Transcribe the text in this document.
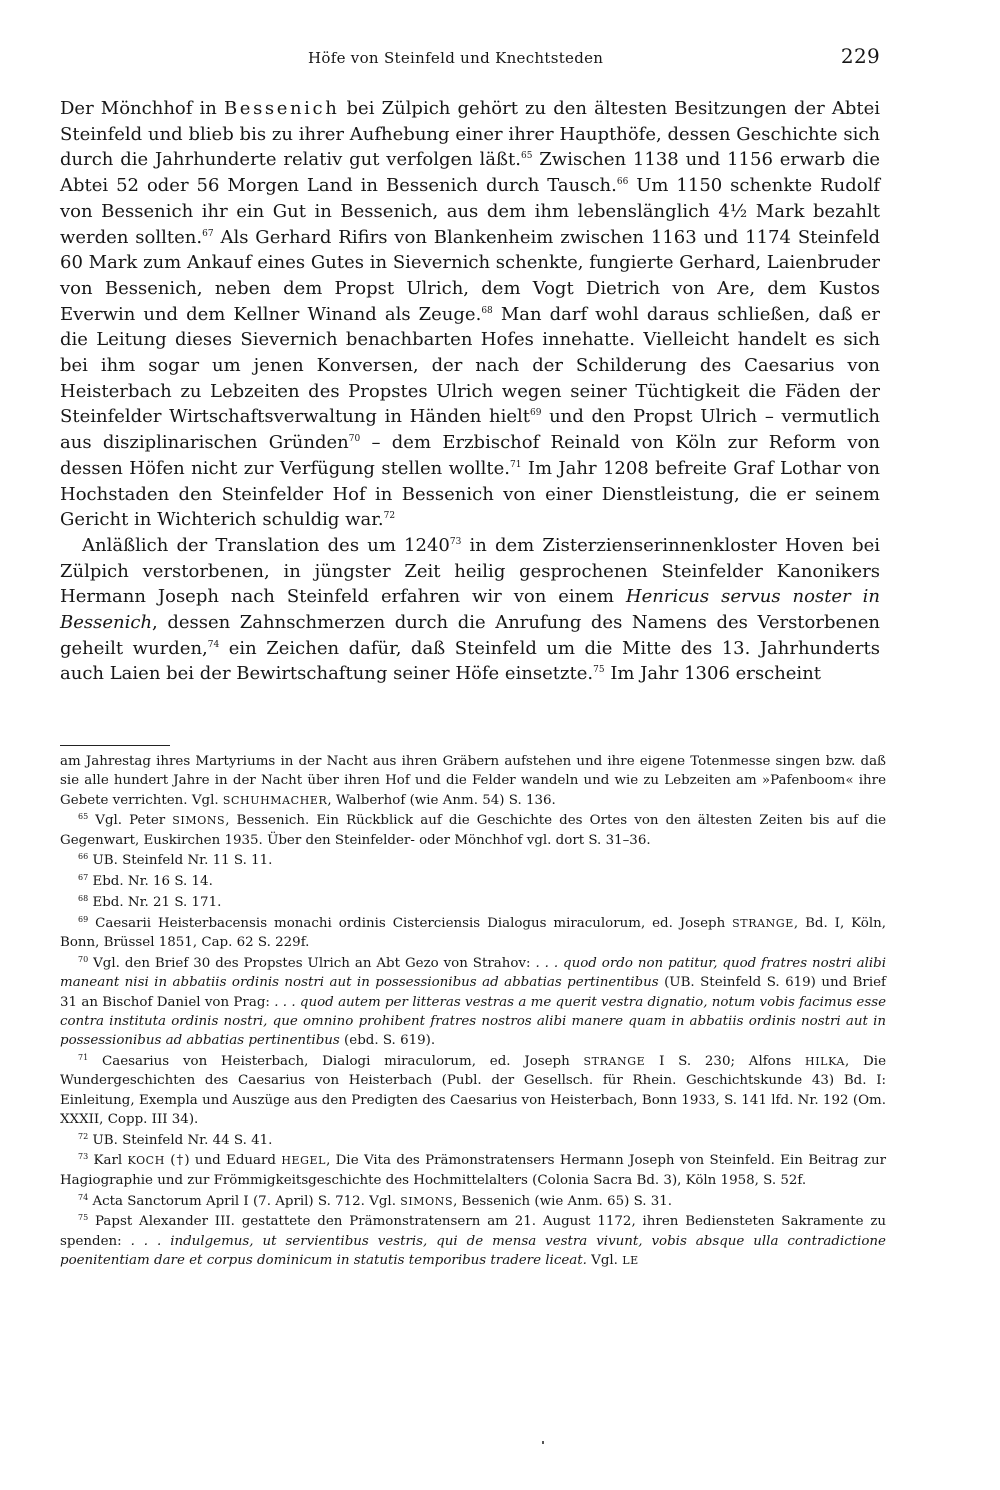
Höfe von Steinfeld und Knechtsteden	229

Der Mönchhof in Bessenich bei Zülpich gehört zu den ältesten Besitzungen der Abtei Steinfeld und blieb bis zu ihrer Aufhebung einer ihrer Haupthöfe, dessen Geschichte sich durch die Jahrhunderte relativ gut verfolgen läßt.$^{65}$ Zwischen 1138 und 1156 erwarb die Abtei 52 oder 56 Morgen Land in Bessenich durch Tausch.$^{66}$ Um 1150 schenkte Rudolf von Bessenich ihr ein Gut in Bessenich, aus dem ihm lebenslänglich 4½ Mark bezahlt werden sollten.$^{67}$ Als Gerhard Rifirs von Blankenheim zwischen 1163 und 1174 Steinfeld 60 Mark zum Ankauf eines Gutes in Sievernich schenkte, fungierte Gerhard, Laienbruder von Bessenich, neben dem Propst Ulrich, dem Vogt Dietrich von Are, dem Kustos Everwin und dem Kellner Winand als Zeuge.$^{68}$ Man darf wohl daraus schließen, daß er die Leitung dieses Sievernich benachbarten Hofes innehatte. Vielleicht handelt es sich bei ihm sogar um jenen Konversen, der nach der Schilderung des Caesarius von Heisterbach zu Lebzeiten des Propstes Ulrich wegen seiner Tüchtigkeit die Fäden der Steinfelder Wirtschaftsverwaltung in Händen hielt$^{69}$ und den Propst Ulrich – vermutlich aus disziplinarischen Gründen$^{70}$ – dem Erzbischof Reinald von Köln zur Reform von dessen Höfen nicht zur Verfügung stellen wollte.$^{71}$ Im Jahr 1208 befreite Graf Lothar von Hochstaden den Steinfelder Hof in Bessenich von einer Dienstleistung, die er seinem Gericht in Wichterich schuldig war.$^{72}$

Anläßlich der Translation des um 1240$^{73}$ in dem Zisterzienserinnenkloster Hoven bei Zülpich verstorbenen, in jüngster Zeit heilig gesprochenen Steinfelder Kanonikers Hermann Joseph nach Steinfeld erfahren wir von einem Henricus servus noster in Bessenich, dessen Zahnschmerzen durch die Anrufung des Namens des Verstorbenen geheilt wurden,$^{74}$ ein Zeichen dafür, daß Steinfeld um die Mitte des 13. Jahrhunderts auch Laien bei der Bewirtschaftung seiner Höfe einsetzte.$^{75}$ Im Jahr 1306 erscheint

am Jahrestag ihres Martyriums in der Nacht aus ihren Gräbern aufstehen und ihre eigene Totenmesse singen bzw. daß sie alle hundert Jahre in der Nacht über ihren Hof und die Felder wandeln und wie zu Lebzeiten am »Pafenboom« ihre Gebete verrichten. Vgl. SCHUHMACHER, Walberhof (wie Anm. 54) S. 136.

$^{65}$ Vgl. Peter SIMONS, Bessenich. Ein Rückblick auf die Geschichte des Ortes von den ältesten Zeiten bis auf die Gegenwart, Euskirchen 1935. Über den Steinfelder- oder Mönchhof vgl. dort S. 31–36.

$^{66}$ UB. Steinfeld Nr. 11 S. 11.

$^{67}$ Ebd. Nr. 16 S. 14.

$^{68}$ Ebd. Nr. 21 S. 171.

$^{69}$ Caesarii Heisterbacensis monachi ordinis Cisterciensis Dialogus miraculorum, ed. Joseph STRANGE, Bd. I, Köln, Bonn, Brüssel 1851, Cap. 62 S. 229f.

$^{70}$ Vgl. den Brief 30 des Propstes Ulrich an Abt Gezo von Strahov: . . . quod ordo non patitur, quod fratres nostri alibi maneant nisi in abbatiis ordinis nostri aut in possessionibus ad abbatias pertinentibus (UB. Steinfeld S. 619) und Brief 31 an Bischof Daniel von Prag: . . . quod autem per litteras vestras a me querit vestra dignatio, notum vobis facimus esse contra instituta ordinis nostri, que omnino prohibent fratres nostros alibi manere quam in abbatiis ordinis nostri aut in possessionibus ad abbatias pertinentibus (ebd. S. 619).

$^{71}$ Caesarius von Heisterbach, Dialogi miraculorum, ed. Joseph STRANGE I S. 230; Alfons HILKA, Die Wundergeschichten des Caesarius von Heisterbach (Publ. der Gesellsch. für Rhein. Geschichtskunde 43) Bd. I: Einleitung, Exempla und Auszüge aus den Predigten des Caesarius von Heisterbach, Bonn 1933, S. 141 lfd. Nr. 192 (Om. XXXII, Copp. III 34).

$^{72}$ UB. Steinfeld Nr. 44 S. 41.

$^{73}$ Karl KOCH (†) und Eduard HEGEL, Die Vita des Prämonstratensers Hermann Joseph von Steinfeld. Ein Beitrag zur Hagiographie und zur Frömmigkeitsgeschichte des Hochmittelalters (Colonia Sacra Bd. 3), Köln 1958, S. 52f.

$^{74}$ Acta Sanctorum April I (7. April) S. 712. Vgl. SIMONS, Bessenich (wie Anm. 65) S. 31.

$^{75}$ Papst Alexander III. gestattete den Prämonstratensern am 21. August 1172, ihren Bediensteten Sakramente zu spenden: . . . indulgemus, ut servientibus vestris, qui de mensa vestra vivunt, vobis absque ulla contradictione poenitentiam dare et corpus dominicum in statutis temporibus tradere liceat. Vgl. LE
